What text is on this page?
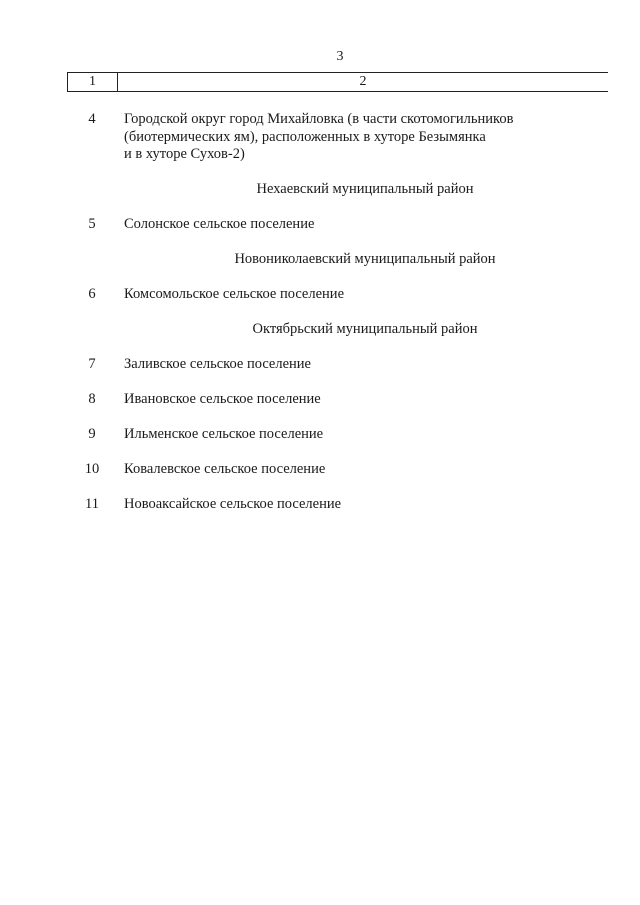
3
1	2
4	Городской округ город Михайловка (в части скотомогильников
(биотермических ям), расположенных в хуторе Безымянка
и в хуторе Сухов-2)
Нехаевский муниципальный район
5	Солонское сельское поселение
Новониколаевский муниципальный район
6	Комсомольское сельское поселение
Октябрьский муниципальный район
7	Заливское сельское поселение
8	Ивановское сельское поселение
9	Ильменское сельское поселение
10	Ковалевское сельское поселение
11	Новоаксайское сельское поселение
